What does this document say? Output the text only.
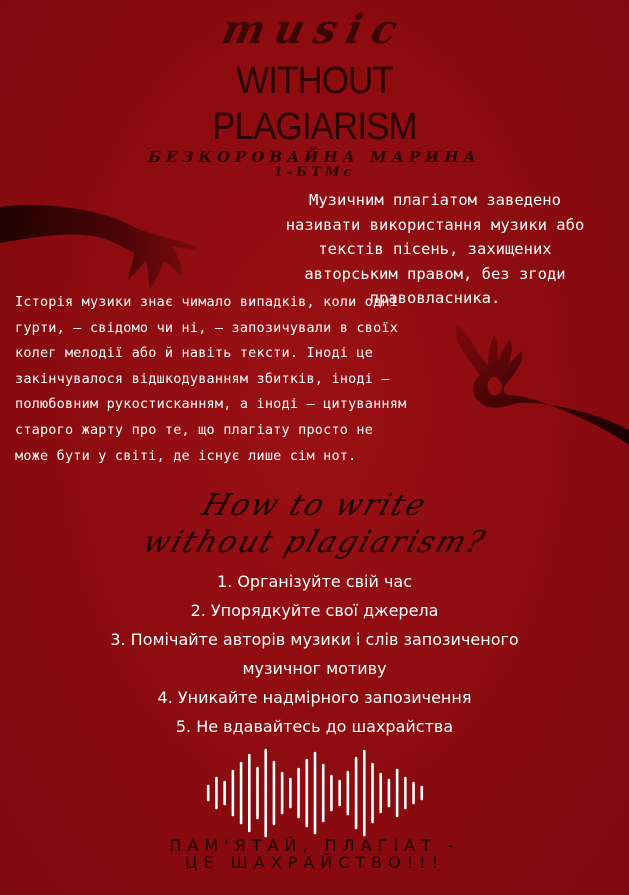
music
WITHOUT
PLAGIARISM
БЕЗКОРОВАЙНА МАРИНА
1-БТМс
Музичним плагіатом заведено називати використання музики або текстів пісень, захищених авторським правом, без згоди правовласника.
Історія музики знає чимало випадків, коли одні гурти, — свідомо чи ні, — запозичували в своїх колег мелодії або й навіть тексти. Іноді це закінчувалося відшкодуванням збитків, іноді — полюбовним рукостисканням, а іноді — цитуванням старого жарту про те, що плагіату просто не може бути у світі, де існує лише сім нот.
How to write
without plagiarism?
1. Організуйте свій час
2. Упорядкуйте свої джерела
3. Помічайте авторів музики і слів запозиченого
музичног мотиву
4. Уникайте надмірного запозичення
5. Не вдавайтесь до шахрайства
ПАМ'ЯТАЙ, ПЛАГІАТ -
ЦЕ ШАХРАЙСТВО!!!
